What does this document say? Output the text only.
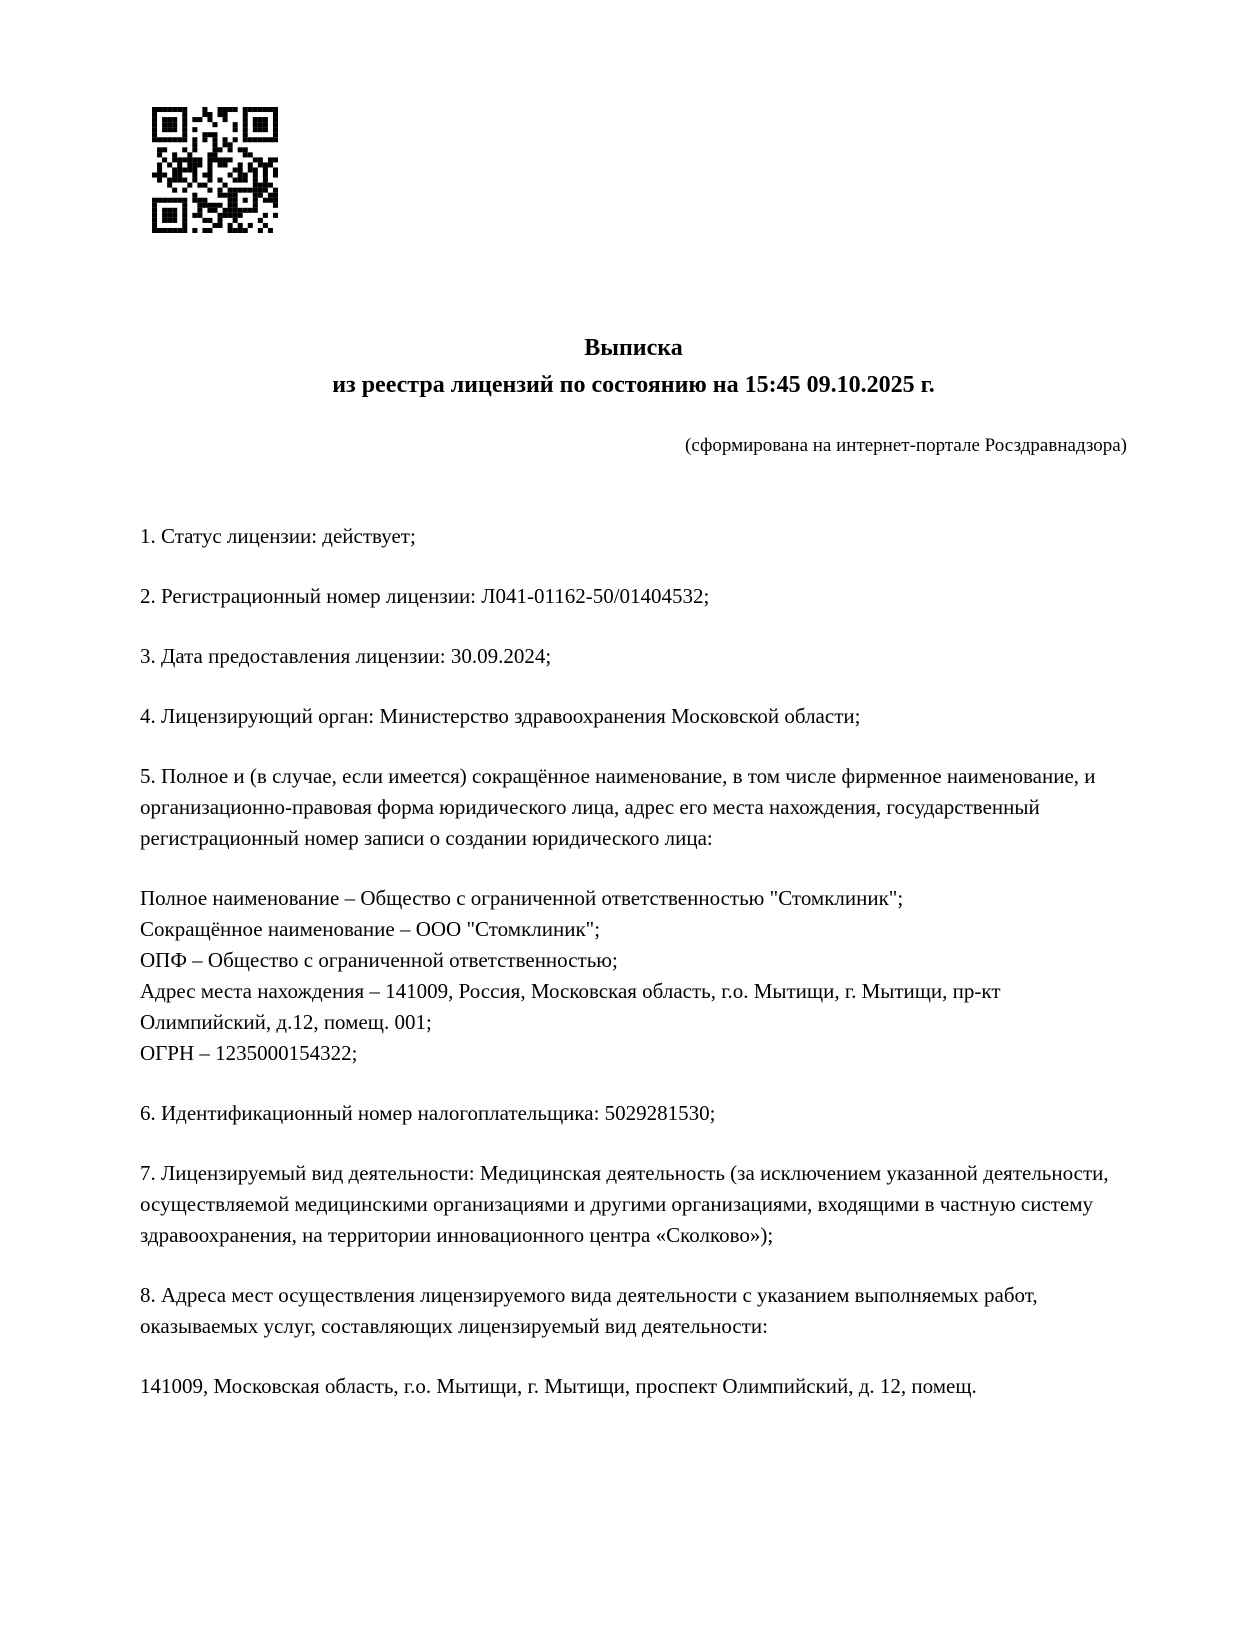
Выписка
из реестра лицензий по состоянию на 15:45 09.10.2025 г.
(сформирована на интернет-портале Росздравнадзора)

1. Статус лицензии: действует;

2. Регистрационный номер лицензии: Л041-01162-50/01404532;

3. Дата предоставления лицензии: 30.09.2024;

4. Лицензирующий орган: Министерство здравоохранения Московской области;

5. Полное и (в случае, если имеется) сокращённое наименование, в том числе фирменное наименование, и организационно-правовая форма юридического лица, адрес его места нахождения, государственный регистрационный номер записи о создании юридического лица:

Полное наименование – Общество с ограниченной ответственностью "Стомклиник";
Сокращённое наименование – ООО "Стомклиник";
ОПФ – Общество с ограниченной ответственностью;
Адрес места нахождения – 141009, Россия, Московская область, г.о. Мытищи, г. Мытищи, пр-кт Олимпийский, д.12, помещ. 001;
ОГРН – 1235000154322;

6. Идентификационный номер налогоплательщика: 5029281530;

7. Лицензируемый вид деятельности: Медицинская деятельность (за исключением указанной деятельности, осуществляемой медицинскими организациями и другими организациями, входящими в частную систему здравоохранения, на территории инновационного центра «Сколково»);

8. Адреса мест осуществления лицензируемого вида деятельности с указанием выполняемых работ, оказываемых услуг, составляющих лицензируемый вид деятельности:

141009, Московская область, г.о. Мытищи, г. Мытищи, проспект Олимпийский, д. 12, помещ.
